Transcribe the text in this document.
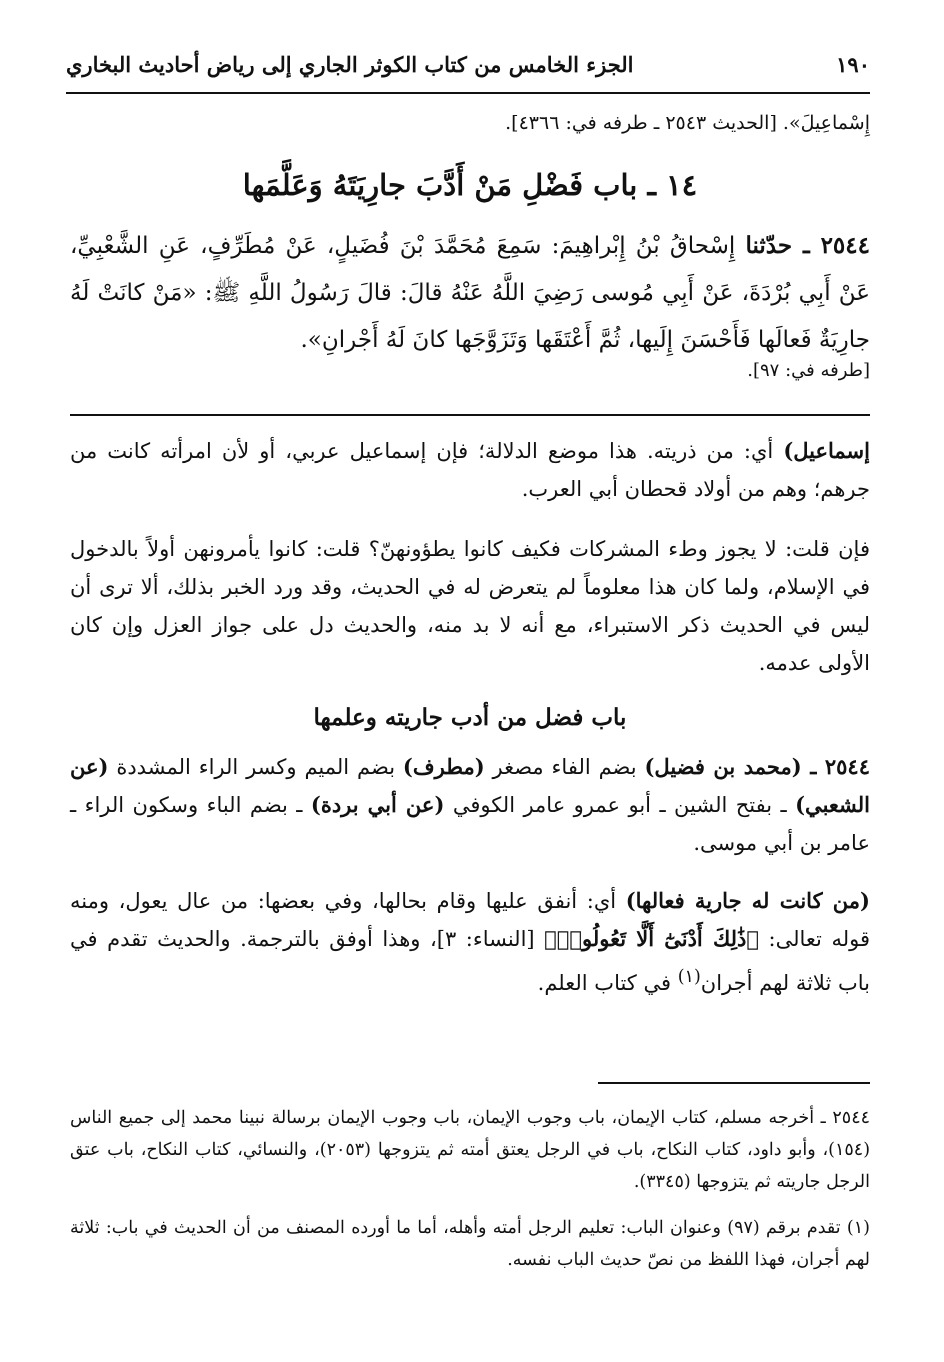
١٩٠
الجزء الخامس من كتاب الكوثر الجاري إلى رياض أحاديث البخاري
إِسْماعِيلَ». [الحديث ٢٥٤٣ ـ طرفه في: ٤٣٦٦].
١٤ ـ باب فَضْلِ مَنْ أَدَّبَ جارِيَتَهُ وَعَلَّمَها
٢٥٤٤ ـ حدّثنا إِسْحاقُ بْنُ إِبْراهِيمَ: سَمِعَ مُحَمَّدَ بْنَ فُضَيلٍ، عَنْ مُطَرِّفٍ، عَنِ الشَّعْبِيِّ، عَنْ أَبِي بُرْدَةَ، عَنْ أَبِي مُوسى رَضِيَ اللَّهُ عَنْهُ قالَ: قالَ رَسُولُ اللَّهِ ﷺ: «مَنْ كانَتْ لَهُ جارِيَةٌ فَعالَها فَأَحْسَنَ إِلَيها، ثُمَّ أَعْتَقَها وَتَزَوَّجَها كانَ لَهُ أَجْرانِ».
[طرفه في: ٩٧].
إسماعيل) أي: من ذريته. هذا موضع الدلالة؛ فإن إسماعيل عربي، أو لأن امرأته كانت من جرهم؛ وهم من أولاد قحطان أبي العرب.
فإن قلت: لا يجوز وطء المشركات فكيف كانوا يطؤونهنّ؟ قلت: كانوا يأمرونهن أولاً بالدخول في الإسلام، ولما كان هذا معلوماً لم يتعرض له في الحديث، وقد ورد الخبر بذلك، ألا ترى أن ليس في الحديث ذكر الاستبراء، مع أنه لا بد منه، والحديث دل على جواز العزل وإن كان الأولى عدمه.
باب فضل من أدب جاريته وعلمها
٢٥٤٤ ـ (محمد بن فضيل) بضم الفاء مصغر (مطرف) بضم الميم وكسر الراء المشددة (عن الشعبي) ـ بفتح الشين ـ أبو عمرو عامر الكوفي (عن أبي بردة) ـ بضم الباء وسكون الراء ـ عامر بن أبي موسى.
(من كانت له جارية فعالها) أي: أنفق عليها وقام بحالها، وفي بعضها: من عال يعول، ومنه قوله تعالى: ﴿ذَٰلِكَ أَدْنَىٰٓ أَلَّا تَعُولُوا۟﴾ [النساء: ٣]، وهذا أوفق بالترجمة. والحديث تقدم في باب ثلاثة لهم أجران$^{(١)}$ في كتاب العلم.
٢٥٤٤ ـ أخرجه مسلم، كتاب الإيمان، باب وجوب الإيمان، باب وجوب الإيمان برسالة نبينا محمد إلى جميع الناس (١٥٤)، وأبو داود، كتاب النكاح، باب في الرجل يعتق أمته ثم يتزوجها (٢٠٥٣)، والنسائي، كتاب النكاح، باب عتق الرجل جاريته ثم يتزوجها (٣٣٤٥).
(١) تقدم برقم (٩٧) وعنوان الباب: تعليم الرجل أمته وأهله، أما ما أورده المصنف من أن الحديث في باب: ثلاثة لهم أجران، فهذا اللفظ من نصّ حديث الباب نفسه.
